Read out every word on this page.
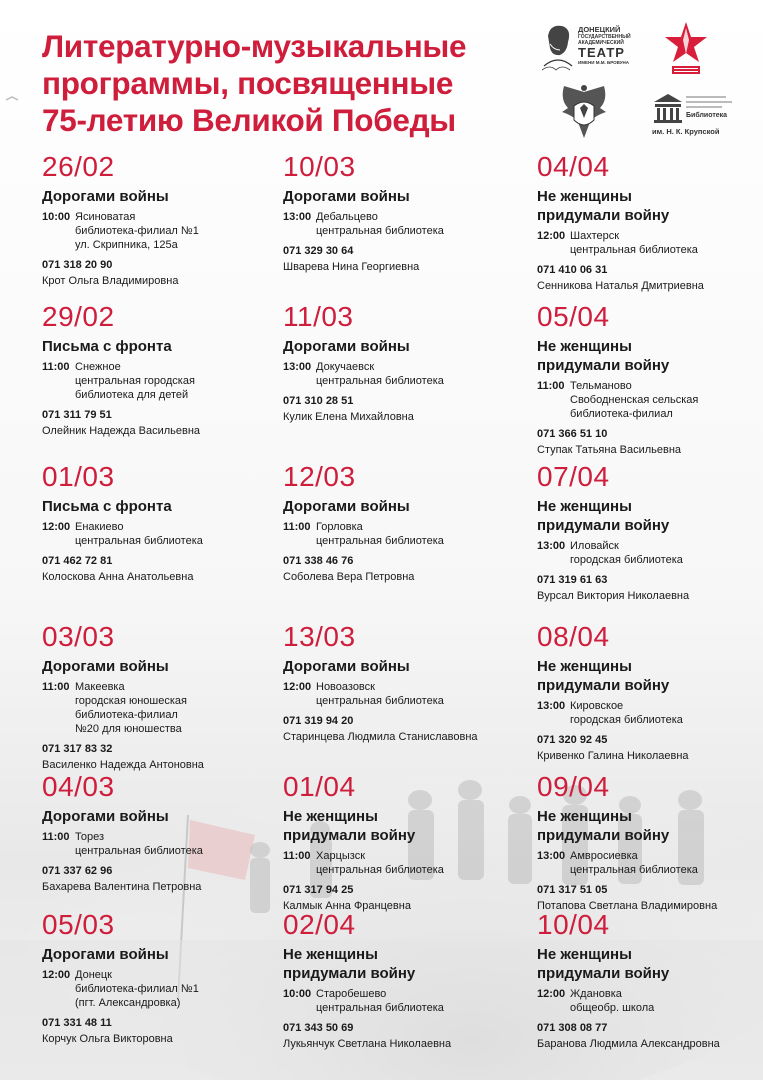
Литературно-музыкальные
программы, посвященные
75-летию Великой Победы
ДОНЕЦКИЙ
ГОСУДАРСТВЕННЫЙ
АКАДЕМИЧЕСКИЙ
ТЕАТР
ИМЕНИ М.М. БРОВУНА
Библиотека
им. Н. К. Крупской
26/02
Дорогами войны
10:00 Ясиноватая
библиотека-филиал №1
ул. Скрипника, 125а
071 318 20 90
Крот Ольга Владимировна
10/03
Дорогами войны
13:00 Дебальцево
центральная библиотека
071 329 30 64
Шварева Нина Георгиевна
04/04
Не женщины
придумали войну
12:00 Шахтерск
центральная библиотека
071 410 06 31
Сенникова Наталья Дмитриевна
29/02
Письма с фронта
11:00 Снежное
центральная городская
библиотека для детей
071 311 79 51
Олейник Надежда Васильевна
11/03
Дорогами войны
13:00 Докучаевск
центральная библиотека
071 310 28 51
Кулик Елена Михайловна
05/04
Не женщины
придумали войну
11:00 Тельманово
Свободненская сельская
библиотека-филиал
071 366 51 10
Ступак Татьяна Васильевна
01/03
Письма с фронта
12:00 Енакиево
центральная библиотека
071 462 72 81
Колоскова Анна Анатольевна
12/03
Дорогами войны
11:00 Горловка
центральная библиотека
071 338 46 76
Соболева Вера Петровна
07/04
Не женщины
придумали войну
13:00 Иловайск
городская библиотека
071 319 61 63
Вурсал Виктория Николаевна
03/03
Дорогами войны
11:00 Макеевка
городская юношеская
библиотека-филиал
№20 для юношества
071 317 83 32
Василенко Надежда Антоновна
13/03
Дорогами войны
12:00 Новоазовск
центральная библиотека
071 319 94 20
Старинцева Людмила Станиславовна
08/04
Не женщины
придумали войну
13:00 Кировское
городская библиотека
071 320 92 45
Кривенко Галина Николаевна
04/03
Дорогами войны
11:00 Торез
центральная библиотека
071 337 62 96
Бахарева Валентина Петровна
01/04
Не женщины
придумали войну
11:00 Харцызск
центральная библиотека
071 317 94 25
Калмык Анна Францевна
09/04
Не женщины
придумали войну
13:00 Амвросиевка
центральная библиотека
071 317 51 05
Потапова Светлана Владимировна
05/03
Дорогами войны
12:00 Донецк
библиотека-филиал №1
(пгт. Александровка)
071 331 48 11
Корчук Ольга Викторовна
02/04
Не женщины
придумали войну
10:00 Старобешево
центральная библиотека
071 343 50 69
Лукьянчук Светлана Николаевна
10/04
Не женщины
придумали войну
12:00 Ждановка
общеобр. школа
071 308 08 77
Баранова Людмила Александровна
